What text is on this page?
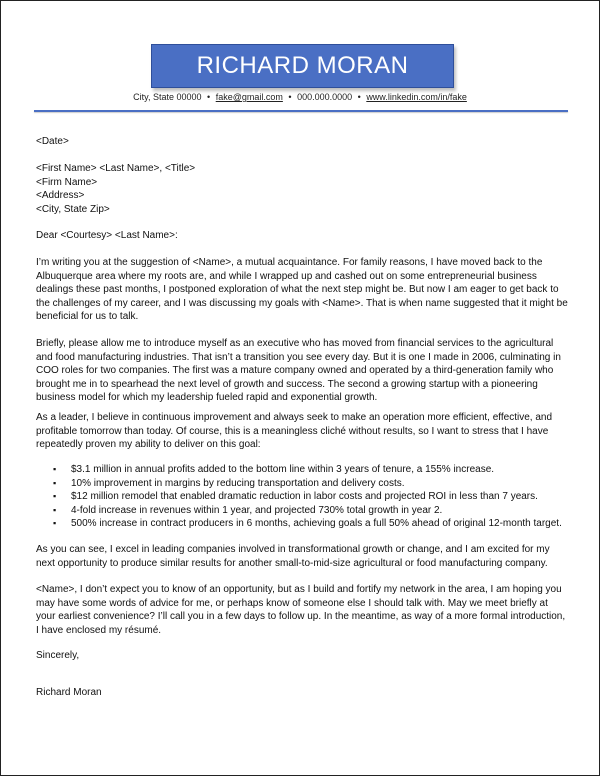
RICHARD MORAN
City, State 00000 • fake@gmail.com • 000.000.0000 • www.linkedin.com/in/fake

<Date>

<First Name> <Last Name>, <Title>
<Firm Name>
<Address>
<City, State Zip>

Dear <Courtesy> <Last Name>:

I’m writing you at the suggestion of <Name>, a mutual acquaintance. For family reasons, I have moved back to the Albuquerque area where my roots are, and while I wrapped up and cashed out on some entrepreneurial business dealings these past months, I postponed exploration of what the next step might be. But now I am eager to get back to the challenges of my career, and I was discussing my goals with <Name>. That is when name suggested that it might be beneficial for us to talk.

Briefly, please allow me to introduce myself as an executive who has moved from financial services to the agricultural and food manufacturing industries. That isn’t a transition you see every day. But it is one I made in 2006, culminating in COO roles for two companies. The first was a mature company owned and operated by a third-generation family who brought me in to spearhead the next level of growth and success. The second a growing startup with a pioneering business model for which my leadership fueled rapid and exponential growth.

As a leader, I believe in continuous improvement and always seek to make an operation more efficient, effective, and profitable tomorrow than today. Of course, this is a meaningless cliché without results, so I want to stress that I have repeatedly proven my ability to deliver on this goal:

▪ $3.1 million in annual profits added to the bottom line within 3 years of tenure, a 155% increase.
▪ 10% improvement in margins by reducing transportation and delivery costs.
▪ $12 million remodel that enabled dramatic reduction in labor costs and projected ROI in less than 7 years.
▪ 4-fold increase in revenues within 1 year, and projected 730% total growth in year 2.
▪ 500% increase in contract producers in 6 months, achieving goals a full 50% ahead of original 12-month target.

As you can see, I excel in leading companies involved in transformational growth or change, and I am excited for my next opportunity to produce similar results for another small-to-mid-size agricultural or food manufacturing company.

<Name>, I don’t expect you to know of an opportunity, but as I build and fortify my network in the area, I am hoping you may have some words of advice for me, or perhaps know of someone else I should talk with. May we meet briefly at your earliest convenience? I’ll call you in a few days to follow up. In the meantime, as way of a more formal introduction, I have enclosed my résumé.

Sincerely,

Richard Moran
